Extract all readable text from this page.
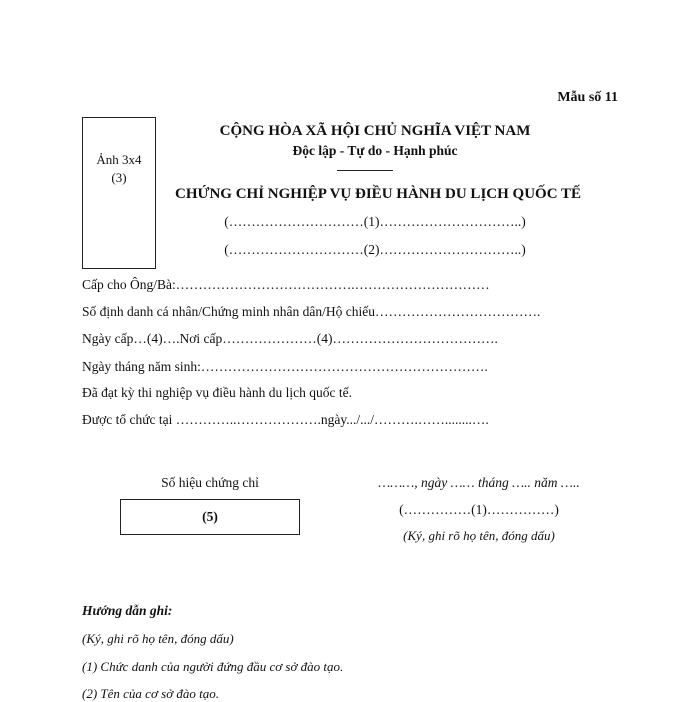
Mẫu số 11
Ảnh 3x4
(3)
CỘNG HÒA XÃ HỘI CHỦ NGHĨA VIỆT NAM
Độc lập - Tự do - Hạnh phúc
CHỨNG CHỈ NGHIỆP VỤ ĐIỀU HÀNH DU LỊCH QUỐC TẾ
(…………………………(1)…………………………..)
(…………………………(2)…………………………..)
Cấp cho Ông/Bà:………………………………….…………………………
Số định danh cá nhân/Chứng minh nhân dân/Hộ chiếu……………………………….
Ngày cấp…(4)….Nơi cấp…………………(4)……………………………….
Ngày tháng năm sinh:……………………………………………………….
Đã đạt kỳ thi nghiệp vụ điều hành du lịch quốc tế.
Được tổ chức tại …………..……………….ngày.../.../……….……........….
Số hiệu chứng chỉ
(5)
………, ngày …… tháng ….. năm …..
(……………(1)……………)
(Ký, ghi rõ họ tên, đóng dấu)
Hướng dẫn ghi:
(Ký, ghi rõ họ tên, đóng dấu)
(1) Chức danh của người đứng đầu cơ sở đào tạo.
(2) Tên của cơ sở đào tạo.
